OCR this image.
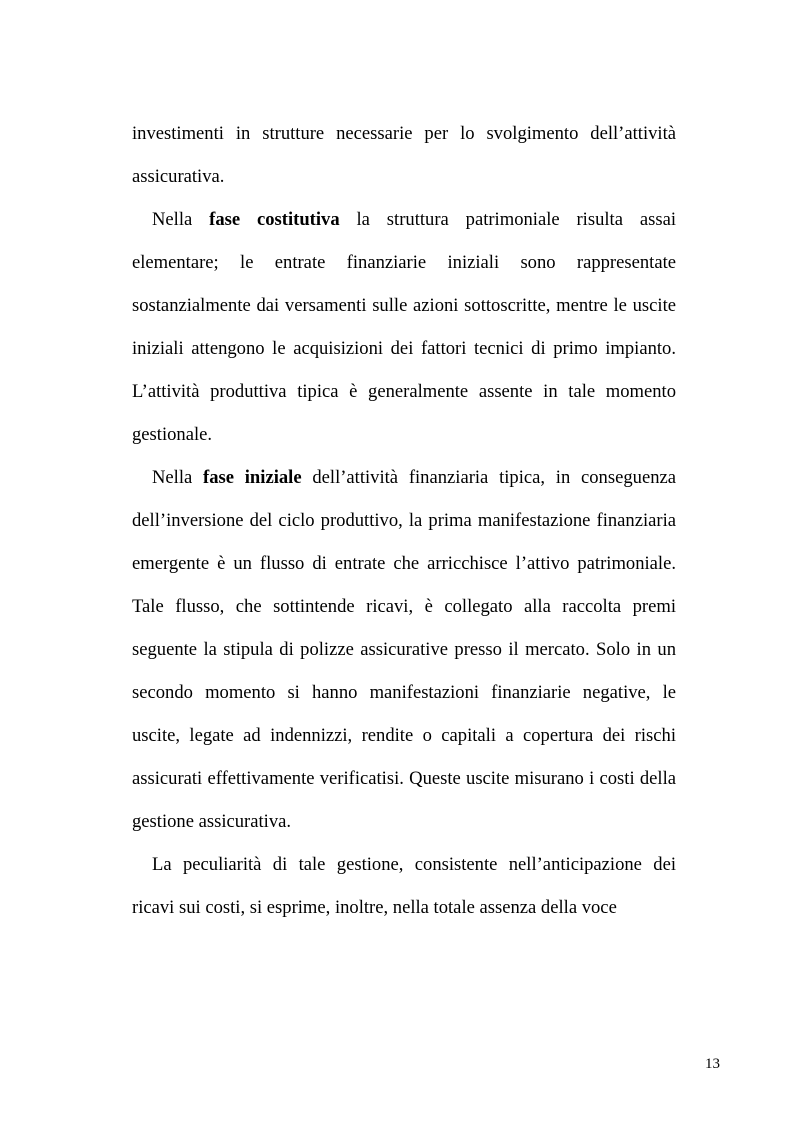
investimenti in strutture necessarie per lo svolgimento dell’attività assicurativa.

Nella fase costitutiva la struttura patrimoniale risulta assai elementare; le entrate finanziarie iniziali sono rappresentate sostanzialmente dai versamenti sulle azioni sottoscritte, mentre le uscite iniziali attengono le acquisizioni dei fattori tecnici di primo impianto. L’attività produttiva tipica è generalmente assente in tale momento gestionale.

Nella fase iniziale dell’attività finanziaria tipica, in conseguenza dell’inversione del ciclo produttivo, la prima manifestazione finanziaria emergente è un flusso di entrate che arricchisce l’attivo patrimoniale. Tale flusso, che sottintende ricavi, è collegato alla raccolta premi seguente la stipula di polizze assicurative presso il mercato. Solo in un secondo momento si hanno manifestazioni finanziarie negative, le uscite, legate ad indennizzi, rendite o capitali a copertura dei rischi assicurati effettivamente verificatisi. Queste uscite misurano i costi della gestione assicurativa.

La peculiarità di tale gestione, consistente nell’anticipazione dei ricavi sui costi, si esprime, inoltre, nella totale assenza della voce

13
